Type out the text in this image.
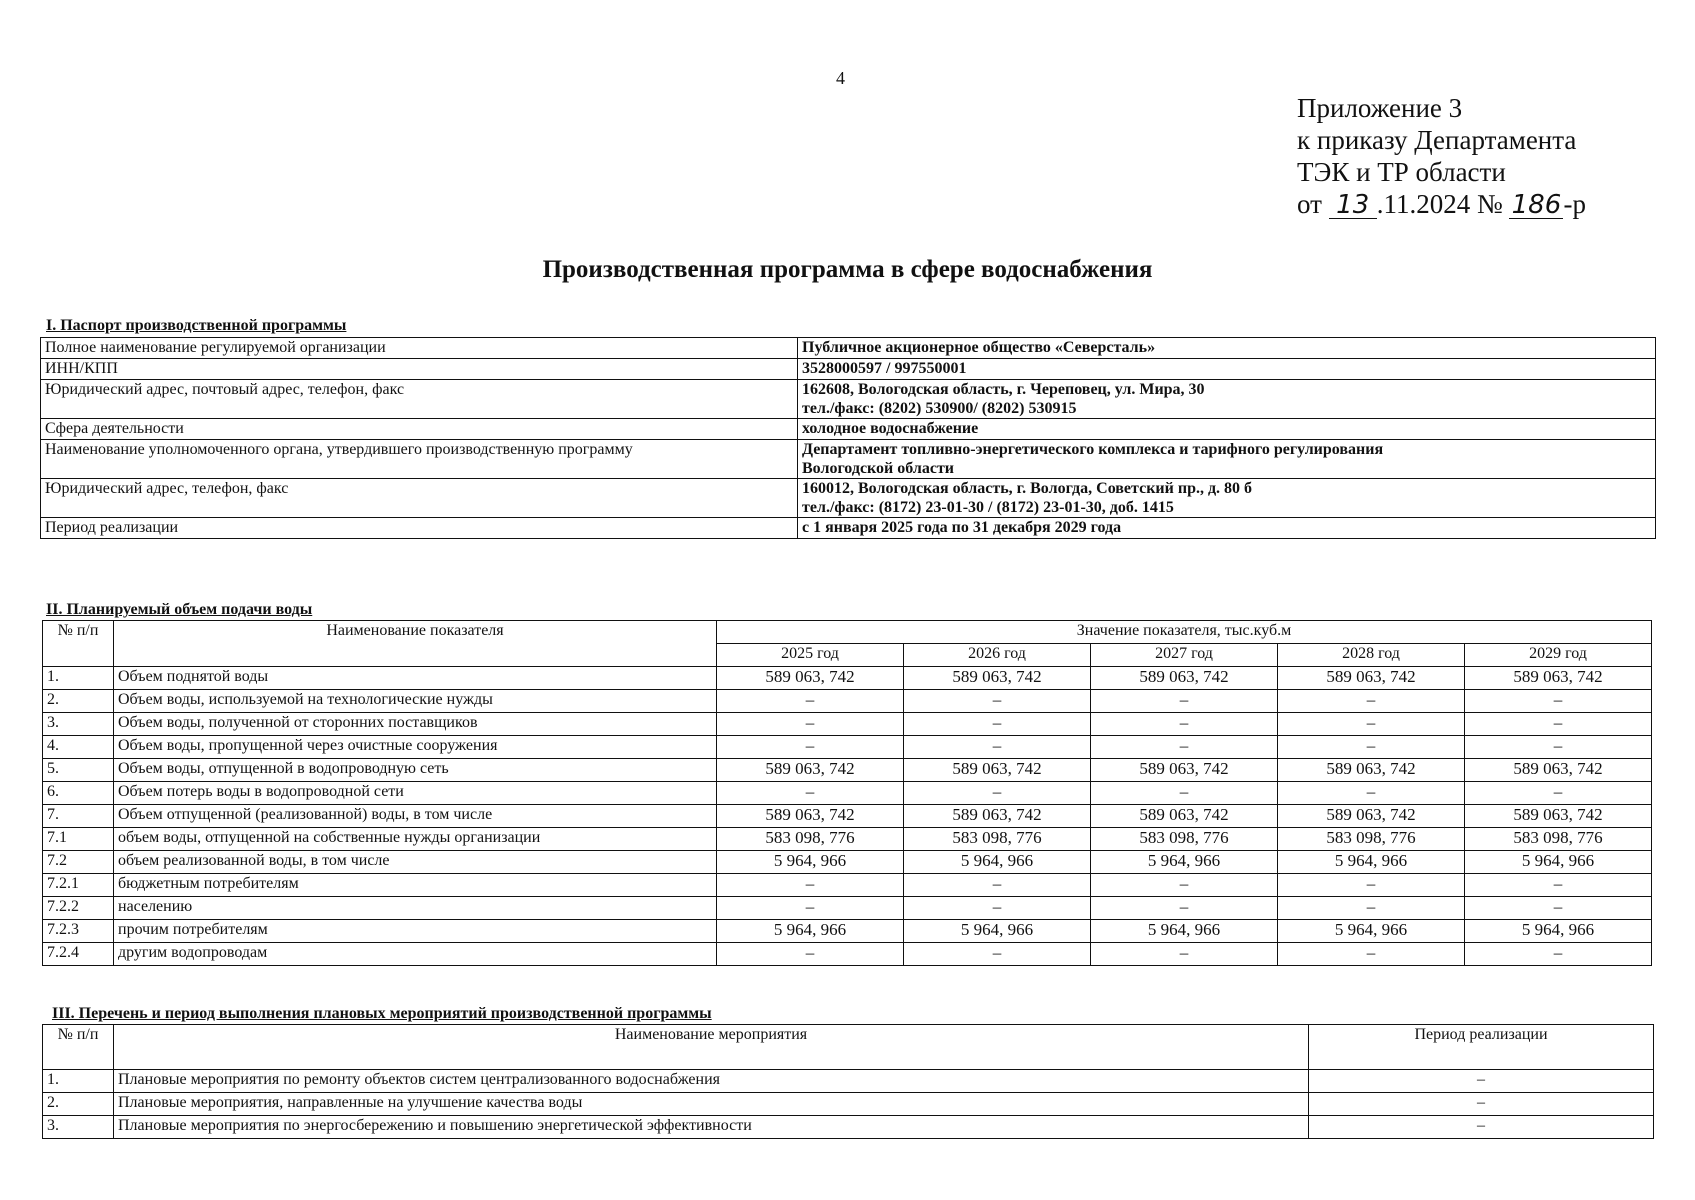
4
Приложение 3
к приказу Департамента
ТЭК и ТР области
от 13 .11.2024 № 186-р
Производственная программа в сфере водоснабжения
I. Паспорт производственной программы
Полное наименование регулируемой организации	Публичное акционерное общество «Северсталь»

ИНН/КПП	3528000597 / 997550001

Юридический адрес, почтовый адрес, телефон, факс	162608, Вологодская область, г. Череповец, ул. Мира, 30
тел./факс: (8202) 530900/ (8202) 530915

Сфера деятельности	холодное водоснабжение

Наименование уполномоченного органа, утвердившего производственную программу	Департамент топливно-энергетического комплекса и тарифного регулирования
Вологодской области

Юридический адрес, телефон, факс	160012, Вологодская область, г. Вологда, Советский пр., д. 80 б
тел./факс: (8172) 23-01-30 / (8172) 23-01-30, доб. 1415

Период реализации	с 1 января 2025 года по 31 декабря 2029 года
II. Планируемый объем подачи воды
№ п/п	Наименование показателя	Значение показателя, тыс.куб.м				
		2025 год	2026 год	2027 год	2028 год	2029 год
1.	Объем поднятой воды	589 063, 742	589 063, 742	589 063, 742	589 063, 742	589 063, 742
2.	Объем воды, используемой на технологические нужды	–	–	–	–	–
3.	Объем воды, полученной от сторонних поставщиков	–	–	–	–	–
4.	Объем воды, пропущенной через очистные сооружения	–	–	–	–	–
5.	Объем воды, отпущенной в водопроводную сеть	589 063, 742	589 063, 742	589 063, 742	589 063, 742	589 063, 742
6.	Объем потерь воды в водопроводной сети	–	–	–	–	–
7.	Объем отпущенной (реализованной) воды, в том числе	589 063, 742	589 063, 742	589 063, 742	589 063, 742	589 063, 742
7.1	объем воды, отпущенной на собственные нужды организации	583 098, 776	583 098, 776	583 098, 776	583 098, 776	583 098, 776
7.2	объем реализованной воды, в том числе	5 964, 966	5 964, 966	5 964, 966	5 964, 966	5 964, 966
7.2.1	бюджетным потребителям	–	–	–	–	–
7.2.2	населению	–	–	–	–	–
7.2.3	прочим потребителям	5 964, 966	5 964, 966	5 964, 966	5 964, 966	5 964, 966
7.2.4	другим водопроводам	–	–	–	–	–
III. Перечень и период выполнения плановых мероприятий производственной программы
№ п/п	Наименование мероприятия	Период реализации
1.	Плановые мероприятия по ремонту объектов систем централизованного водоснабжения	–
2.	Плановые мероприятия, направленные на улучшение качества воды	–
3.	Плановые мероприятия по энергосбережению и повышению энергетической эффективности	–
